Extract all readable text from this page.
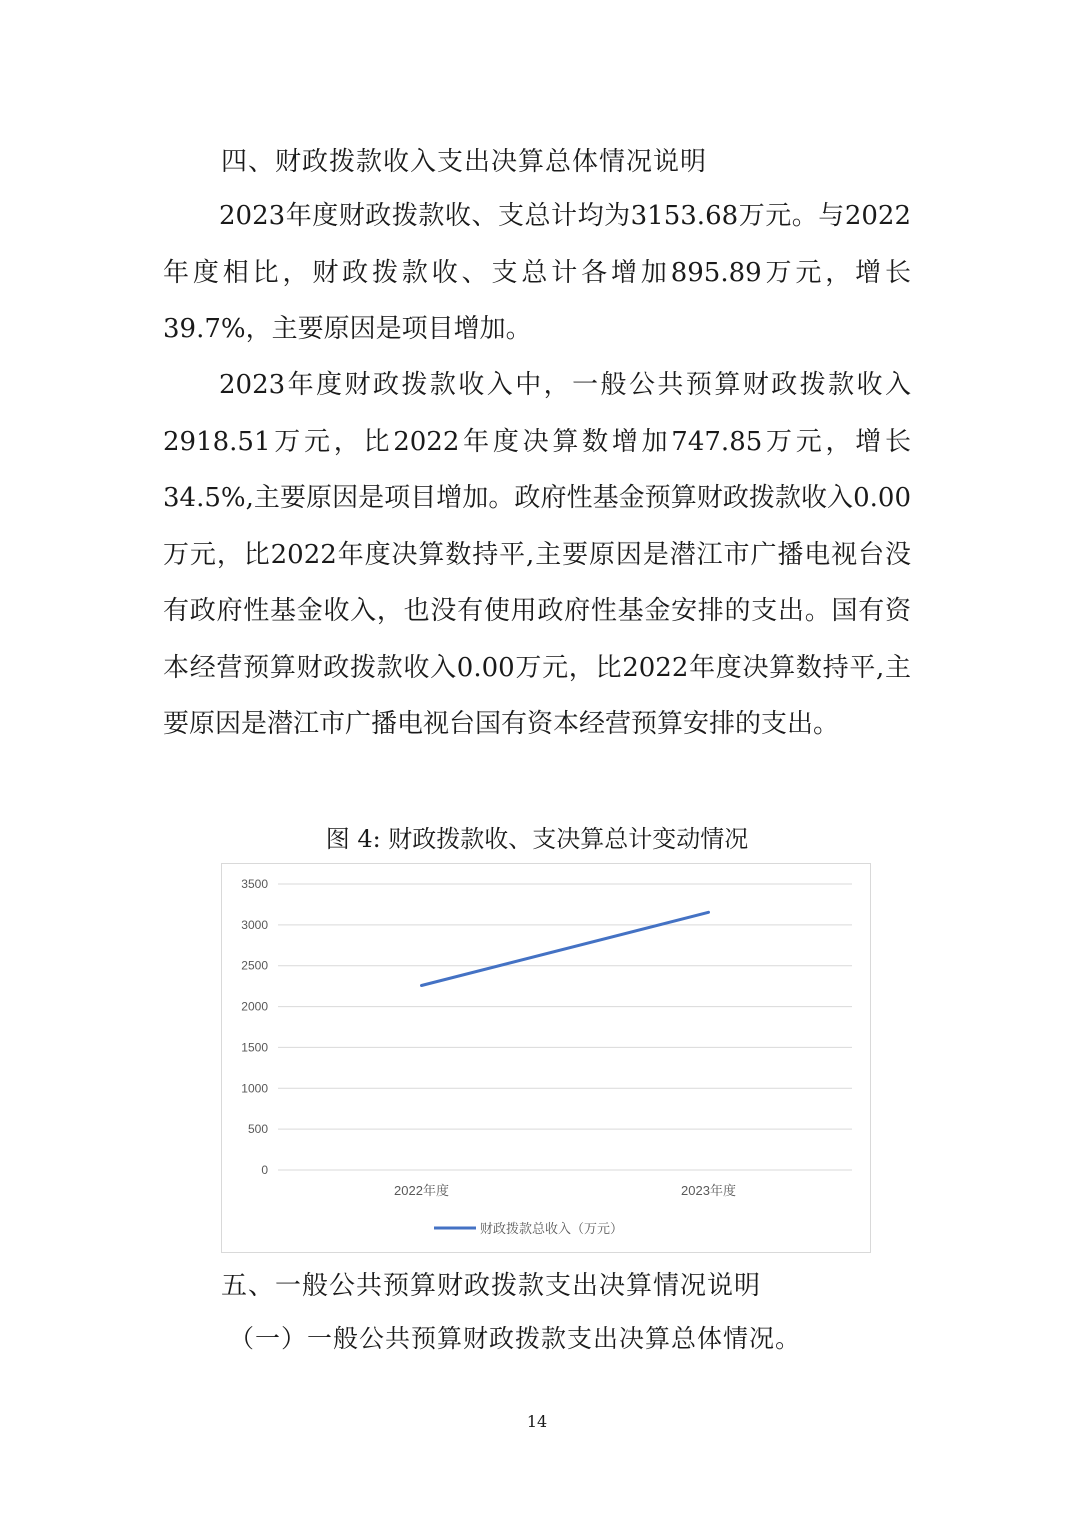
四、财政拨款收入支出决算总体情况说明

2023年度财政拨款收、支总计均为3153.68万元。与2022年度相比，财政拨款收、支总计各增加895.89万元，增长39.7%，主要原因是项目增加。

2023年度财政拨款收入中，一般公共预算财政拨款收入2918.51万元，比2022年度决算数增加747.85万元，增长34.5%,主要原因是项目增加。政府性基金预算财政拨款收入0.00万元，比2022年度决算数持平,主要原因是潜江市广播电视台没有政府性基金收入，也没有使用政府性基金安排的支出。国有资本经营预算财政拨款收入0.00万元，比2022年度决算数持平,主要原因是潜江市广播电视台国有资本经营预算安排的支出。

图 4: 财政拨款收、支决算总计变动情况

0
500
1000
1500
2000
2500
3000
3500
2022年度	2023年度
财政拨款总收入（万元）
五、一般公共预算财政拨款支出决算情况说明

（一）一般公共预算财政拨款支出决算总体情况。

14
